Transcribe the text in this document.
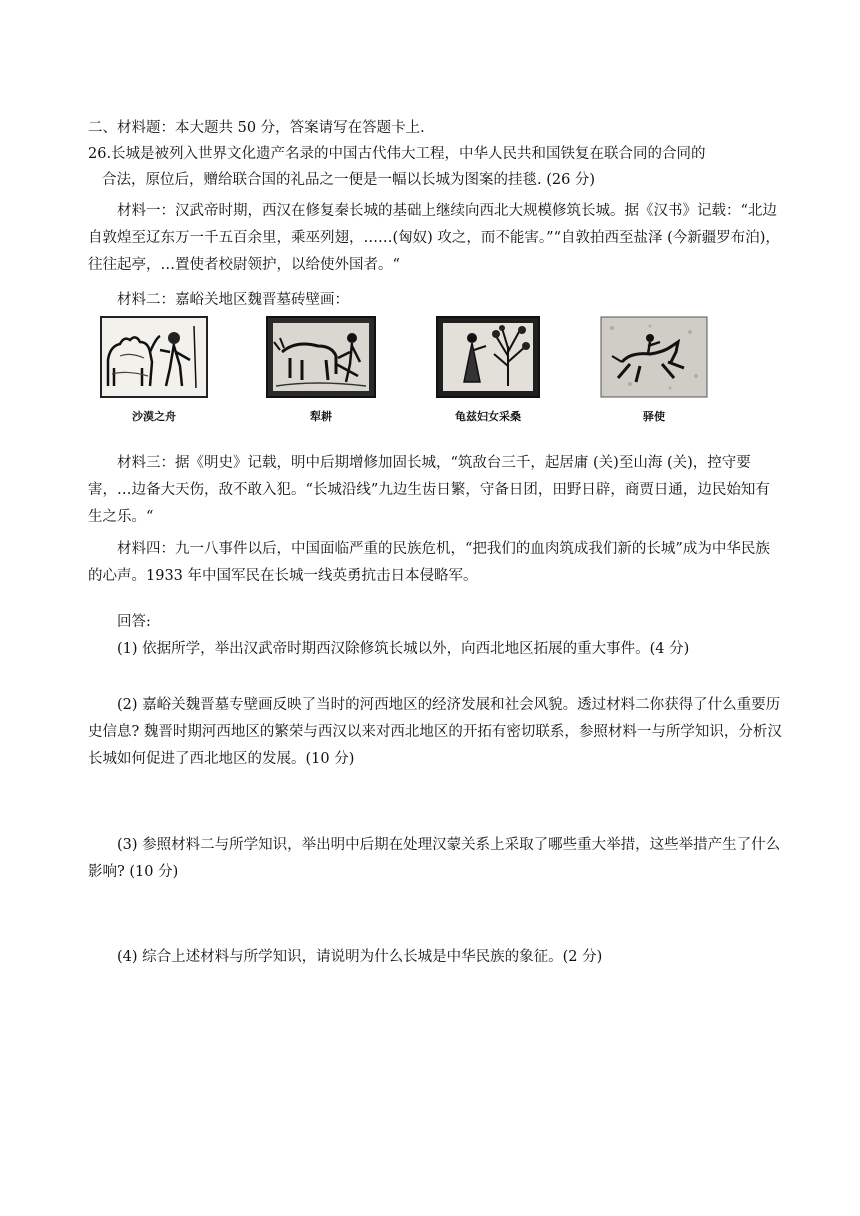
二、材料题：本大题共 50 分，答案请写在答题卡上.

26.长城是被列入世界文化遗产名录的中国古代伟大工程，中华人民共和国铁复在联合同的合同的

合法，原位后，赠给联合国的礼品之一便是一幅以长城为图案的挂毯. (26 分)

材料一：汉武帝时期，西汉在修复秦长城的基础上继续向西北大规模修筑长城。据《汉书》记载：“北边自敦煌至辽东万一千五百余里，乘巫列翅，……(匈奴) 攻之，而不能害。”“自敦拍西至盐泽 (今新疆罗布泊)，往往起亭，…置使者校尉领护，以给使外国者。“

材料二：嘉峪关地区魏晋墓砖壁画：

沙漠之舟	犁耕	龟兹妇女采桑	驿使

材料三：据《明史》记载，明中后期增修加固长城，“筑敌台三千，起居庸 (关)至山海 (关)，控守要害，…边备大天伤，敌不敢入犯。“长城沿线”九边生齿日繁，守备日团，田野日辟，商贾日通，边民始知有生之乐。“

材料四：九一八事件以后，中国面临严重的民族危机，“把我们的血肉筑成我们新的长城”成为中华民族的心声。1933 年中国军民在长城一线英勇抗击日本侵略军。

回答:

(1) 依据所学，举出汉武帝时期西汉除修筑长城以外，向西北地区拓展的重大事件。(4 分)

(2) 嘉峪关魏晋墓专壁画反映了当时的河西地区的经济发展和社会风貌。透过材料二你获得了什么重要历史信息? 魏晋时期河西地区的繁荣与西汉以来对西北地区的开拓有密切联系，参照材料一与所学知识，分析汉长城如何促进了西北地区的发展。(10 分)

(3) 参照材料二与所学知识，举出明中后期在处理汉蒙关系上采取了哪些重大举措，这些举措产生了什么影响? (10 分)

(4) 综合上述材料与所学知识，请说明为什么长城是中华民族的象征。(2 分)
